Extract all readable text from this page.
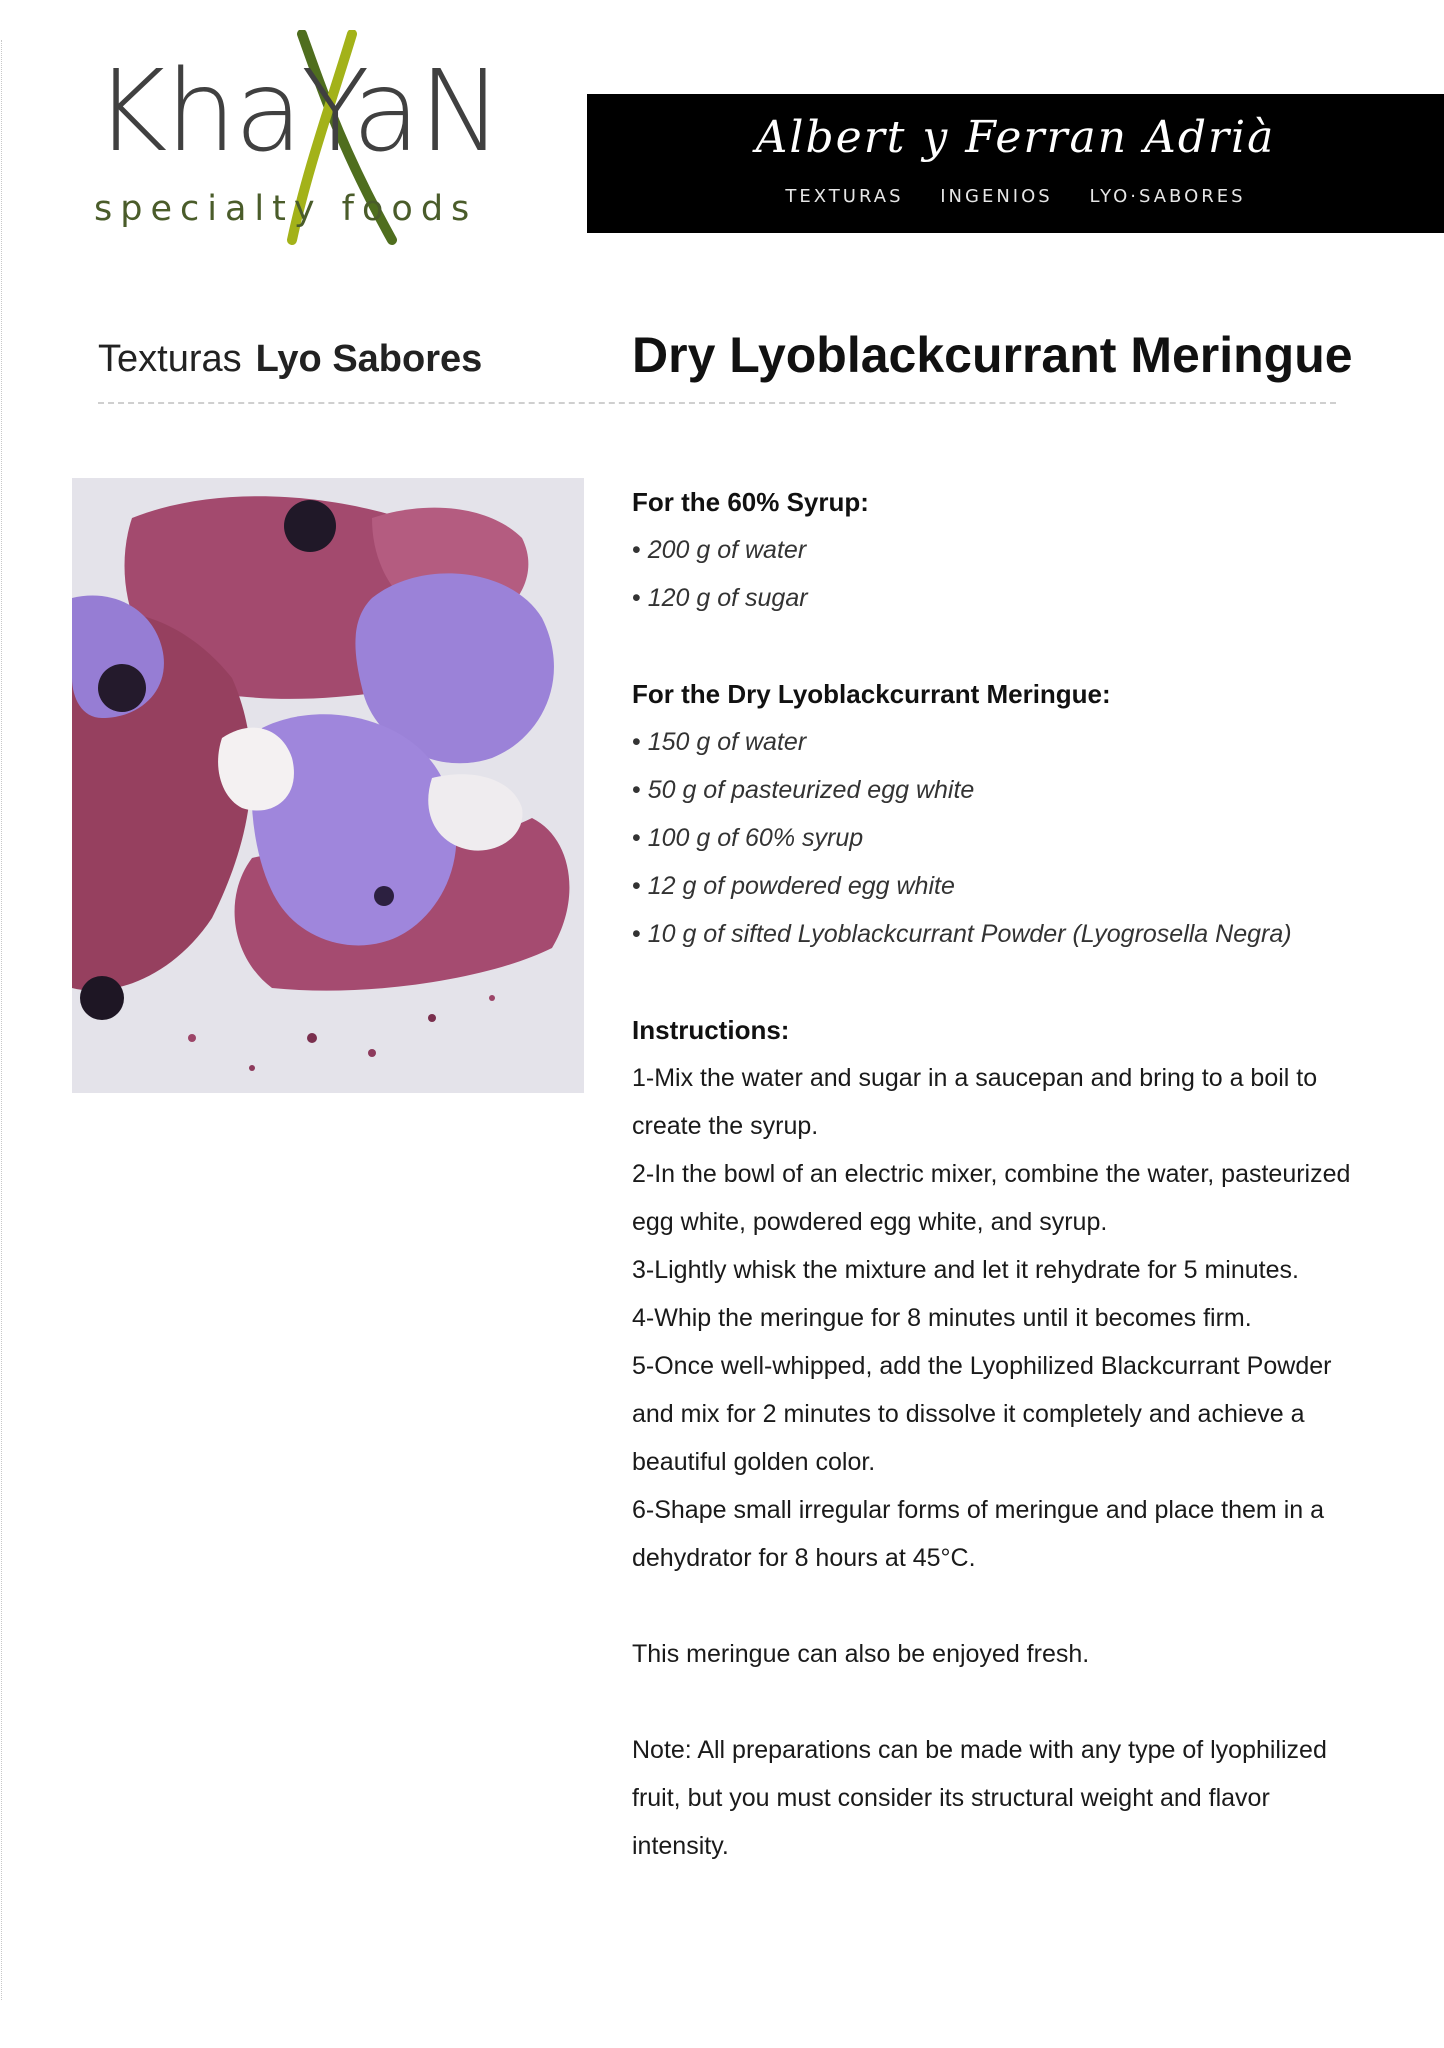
KhaYaN

specialty foods

Albert y Ferran Adrià
TEXTURAS INGENIOS LYO·SABORES
Texturas Lyo Sabores	Dry Lyoblackcurrant Meringue
For the 60% Syrup:
• 200 g of water
• 120 g of sugar
For the Dry Lyoblackcurrant Meringue:
• 150 g of water
• 50 g of pasteurized egg white
• 100 g of 60% syrup
• 12 g of powdered egg white
• 10 g of sifted Lyoblackcurrant Powder (Lyogrosella Negra)
Instructions:

1-Mix the water and sugar in a saucepan and bring to a boil to create the syrup.

2-In the bowl of an electric mixer, combine the water, pasteurized egg white, powdered egg white, and syrup.

3-Lightly whisk the mixture and let it rehydrate for 5 minutes.

4-Whip the meringue for 8 minutes until it becomes firm.

5-Once well-whipped, add the Lyophilized Blackcurrant Powder and mix for 2 minutes to dissolve it completely and achieve a beautiful golden color.

6-Shape small irregular forms of meringue and place them in a dehydrator for 8 hours at 45°C.

This meringue can also be enjoyed fresh.

Note: All preparations can be made with any type of lyophilized fruit, but you must consider its structural weight and flavor intensity.
